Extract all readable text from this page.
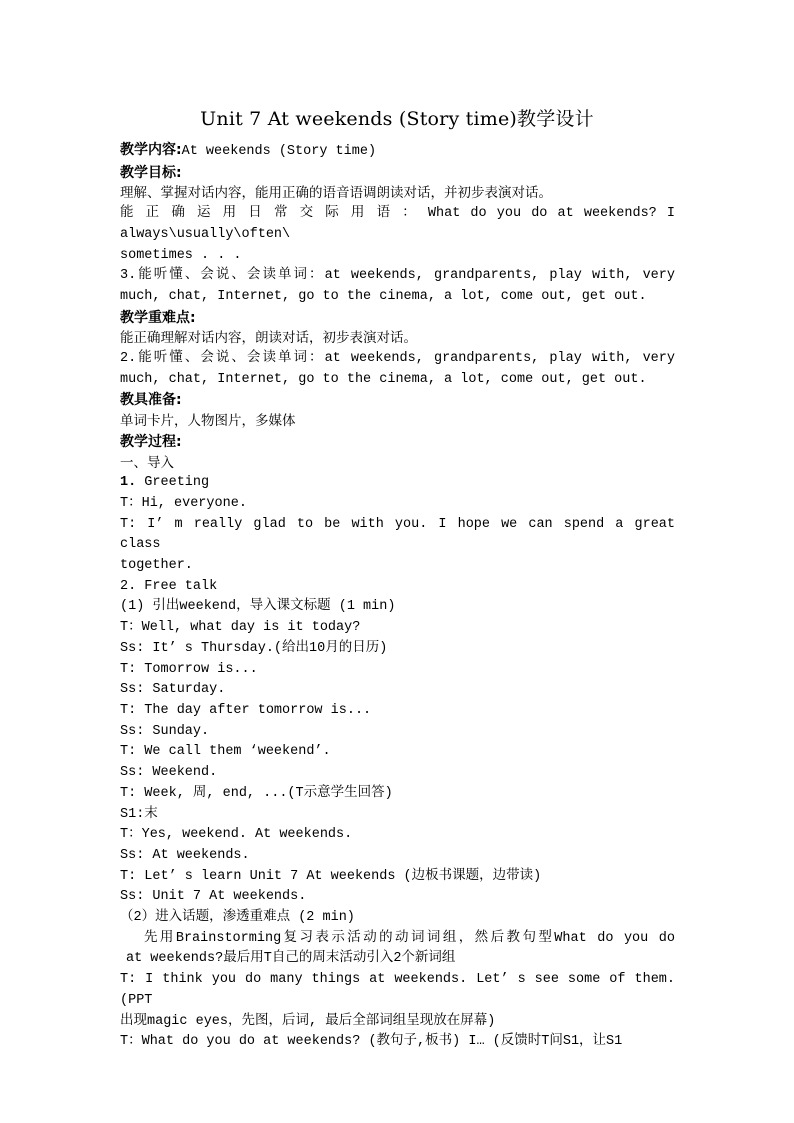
Unit 7 At weekends (Story time)教学设计
教学内容:At weekends (Story time)
教学目标:
理解、掌握对话内容，能用正确的语音语调朗读对话，并初步表演对话。
能 正 确 运 用 日 常 交 际 用 语 ： What do you do at weekends? I
always\usually\often\
sometimes . . .
3.能听懂、会说、会读单词：at weekends, grandparents, play with, very
much, chat, Internet, go to the cinema, a lot, come out, get out.
教学重难点:
能正确理解对话内容，朗读对话，初步表演对话。
2.能听懂、会说、会读单词：at weekends, grandparents, play with, very
much, chat, Internet, go to the cinema, a lot, come out, get out.
教具准备:
单词卡片，人物图片，多媒体
教学过程:
一、导入
1. Greeting
T：Hi, everyone.
T: I’ m really glad to be with you. I hope we can spend a great class
together.
2. Free talk
(1) 引出weekend，导入课文标题 (1 min)
T：Well, what day is it today?
Ss: It’ s Thursday.(给出10月的日历)
T: Tomorrow is...
Ss: Saturday.
T: The day after tomorrow is...
Ss: Sunday.
T: We call them ‘weekend’.
Ss: Weekend.
T: Week, 周, end, ...(T示意学生回答)
S1:末
T：Yes, weekend. At weekends.
Ss: At weekends.
T: Let’ s learn Unit 7 At weekends (边板书课题，边带读)
Ss: Unit 7 At weekends.
（2）进入话题，渗透重难点 (2 min)
先用Brainstorming复习表示活动的动词词组，然后教句型What do you do
at weekends?最后用T自己的周末活动引入2个新词组
T: I think you do many things at weekends. Let’ s see some of them. (PPT
出现magic eyes，先图，后词, 最后全部词组呈现放在屏幕)
T：What do you do at weekends? (教句子,板书) I… (反馈时T问S1，让S1
